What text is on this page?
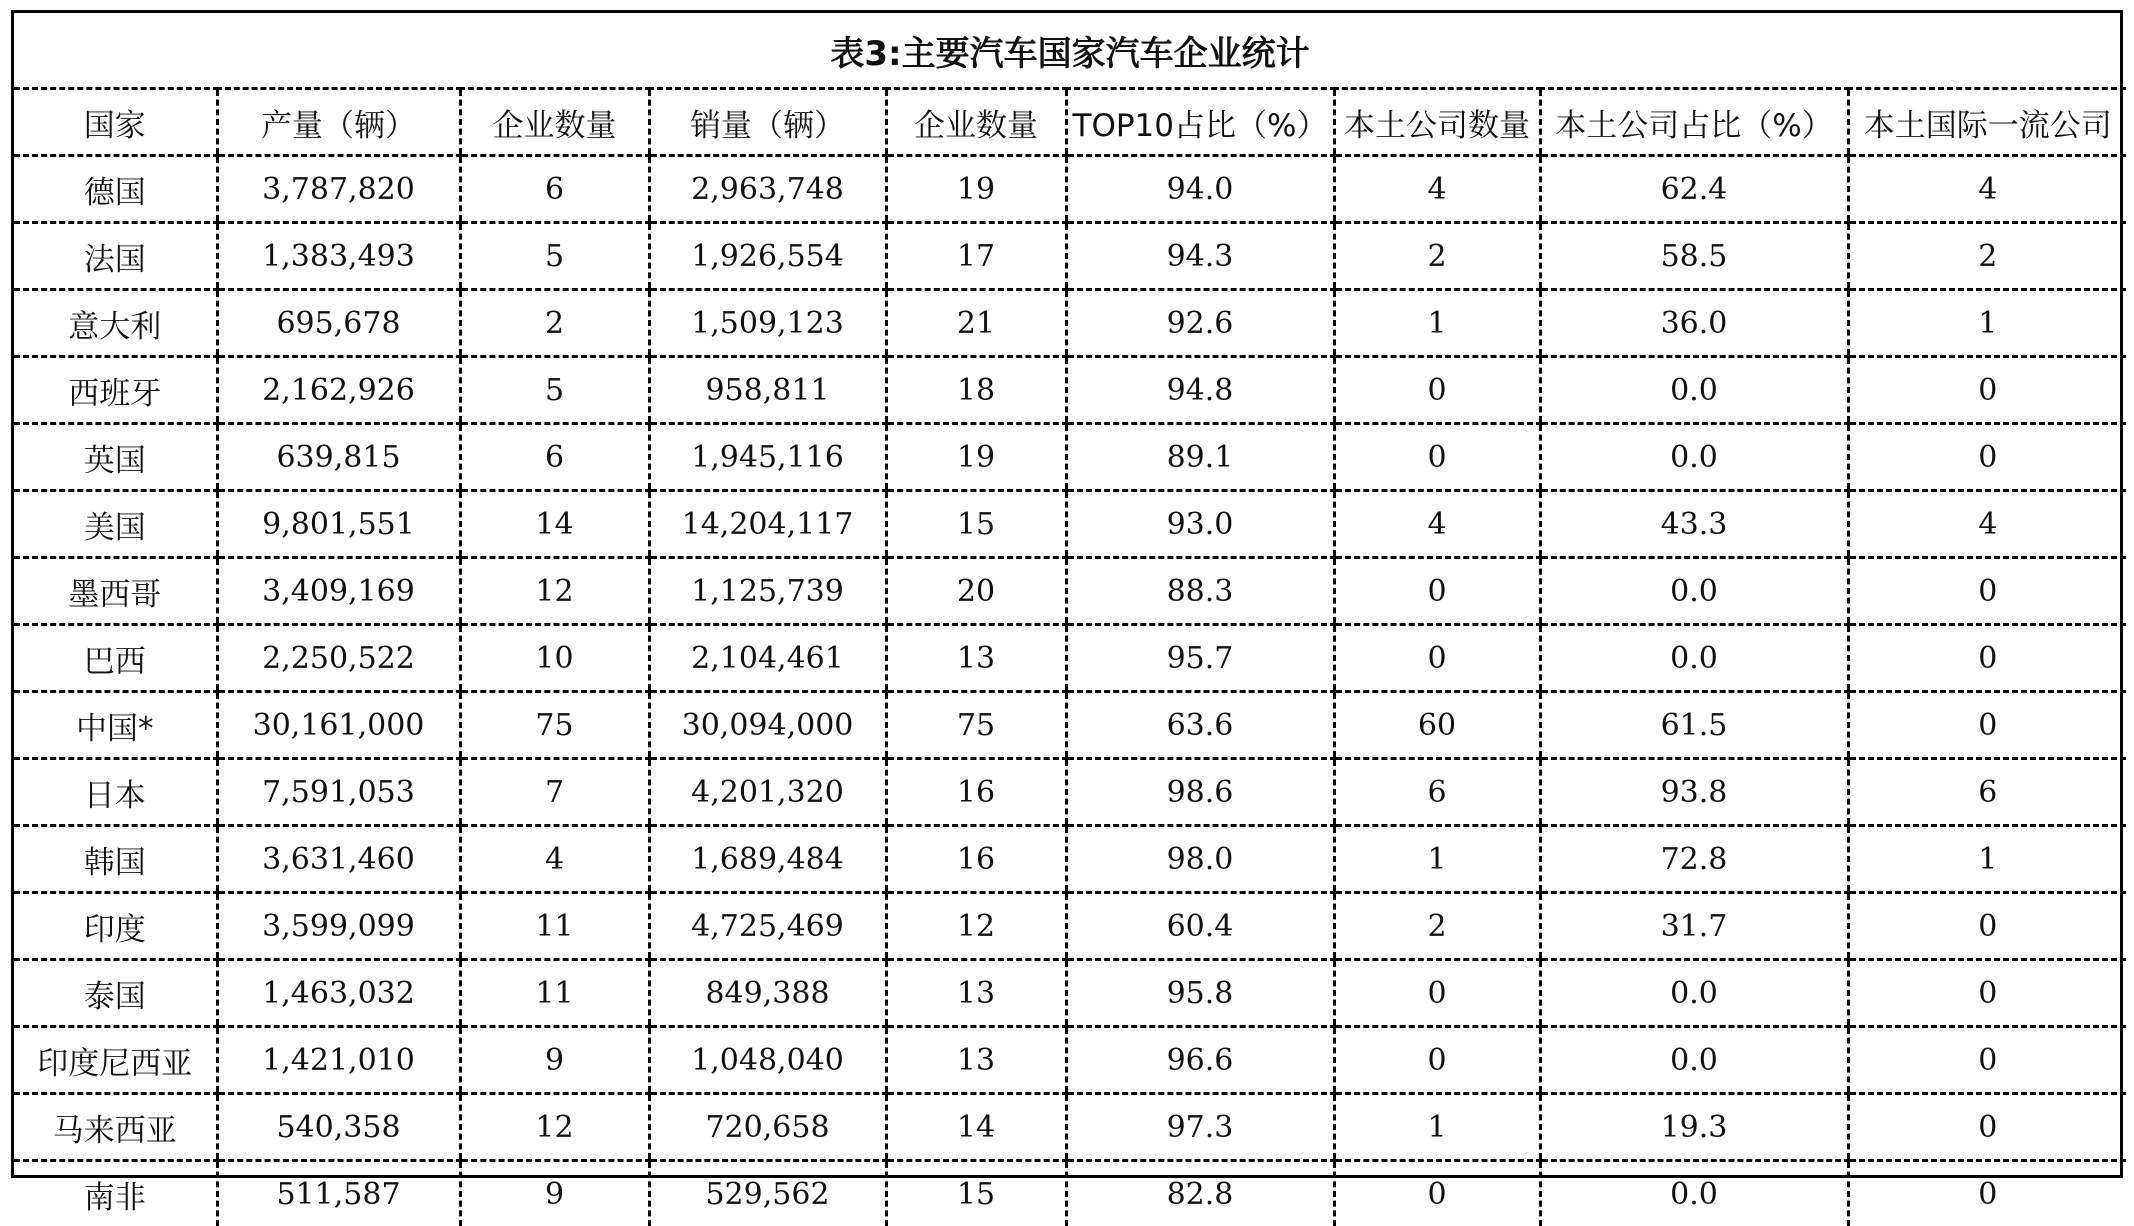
表3:主要汽车国家汽车企业统计								
国家	产量（辆）	企业数量	销量（辆）	企业数量	TOP10占比（%）	本土公司数量	本土公司占比（%）	本土国际一流公司
德国	3,787,820	6	2,963,748	19	94.0	4	62.4	4
法国	1,383,493	5	1,926,554	17	94.3	2	58.5	2
意大利	695,678	2	1,509,123	21	92.6	1	36.0	1
西班牙	2,162,926	5	958,811	18	94.8	0	0.0	0
英国	639,815	6	1,945,116	19	89.1	0	0.0	0
美国	9,801,551	14	14,204,117	15	93.0	4	43.3	4
墨西哥	3,409,169	12	1,125,739	20	88.3	0	0.0	0
巴西	2,250,522	10	2,104,461	13	95.7	0	0.0	0
中国*	30,161,000	75	30,094,000	75	63.6	60	61.5	0
日本	7,591,053	7	4,201,320	16	98.6	6	93.8	6
韩国	3,631,460	4	1,689,484	16	98.0	1	72.8	1
印度	3,599,099	11	4,725,469	12	60.4	2	31.7	0
泰国	1,463,032	11	849,388	13	95.8	0	0.0	0
印度尼西亚	1,421,010	9	1,048,040	13	96.6	0	0.0	0
马来西亚	540,358	12	720,658	14	97.3	1	19.3	0
南非	511,587	9	529,562	15	82.8	0	0.0	0
